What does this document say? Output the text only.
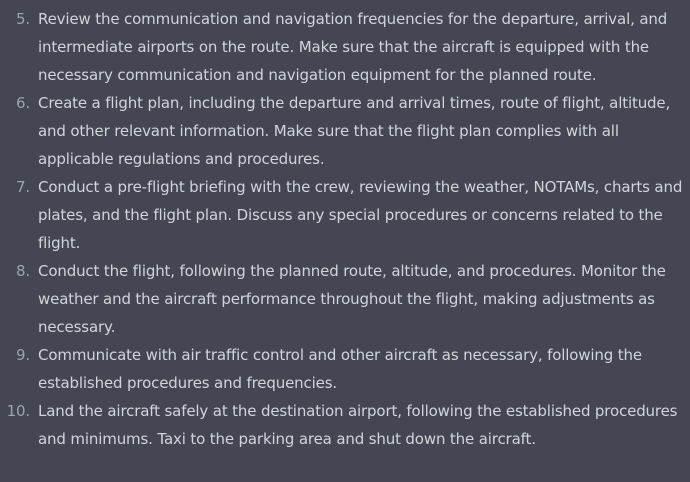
5. Review the communication and navigation frequencies for the departure, arrival, and intermediate airports on the route. Make sure that the aircraft is equipped with the necessary communication and navigation equipment for the planned route.
6. Create a flight plan, including the departure and arrival times, route of flight, altitude, and other relevant information. Make sure that the flight plan complies with all applicable regulations and procedures.
7. Conduct a pre-flight briefing with the crew, reviewing the weather, NOTAMs, charts and plates, and the flight plan. Discuss any special procedures or concerns related to the flight.
8. Conduct the flight, following the planned route, altitude, and procedures. Monitor the weather and the aircraft performance throughout the flight, making adjustments as necessary.
9. Communicate with air traffic control and other aircraft as necessary, following the established procedures and frequencies.
10. Land the aircraft safely at the destination airport, following the established procedures and minimums. Taxi to the parking area and shut down the aircraft.
